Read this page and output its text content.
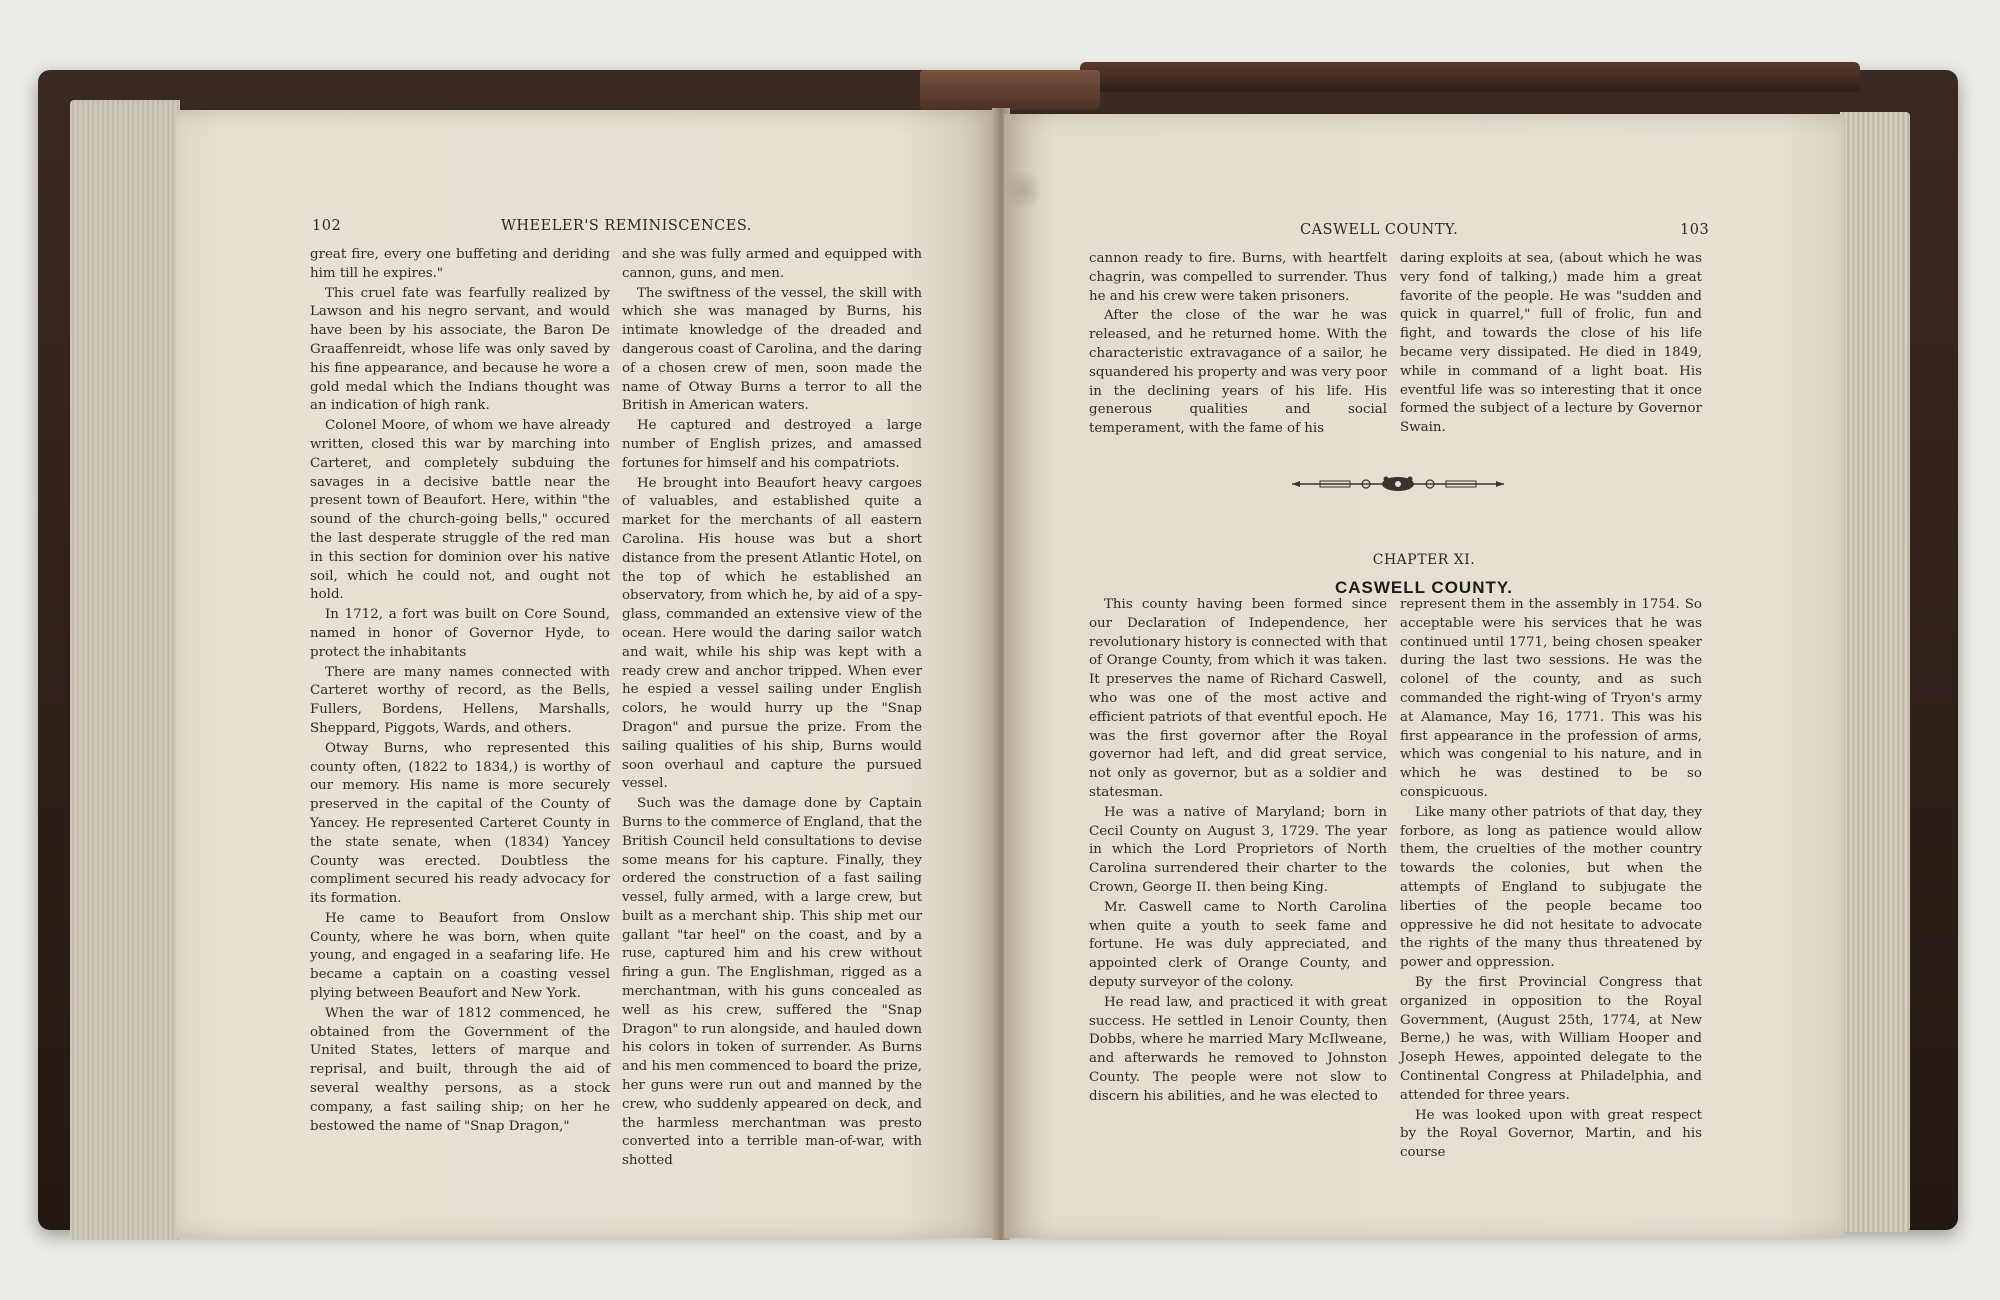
102	WHEELER'S REMINISCENCES.

great fire, every one buffeting and deriding him till he expires."

This cruel fate was fearfully realized by Lawson and his negro servant, and would have been by his associate, the Baron De Graaffenreidt, whose life was only saved by his fine appearance, and because he wore a gold medal which the Indians thought was an indication of high rank.

Colonel Moore, of whom we have already written, closed this war by marching into Carteret, and completely subduing the savages in a decisive battle near the present town of Beaufort. Here, within "the sound of the church-going bells," occured the last desperate struggle of the red man in this section for dominion over his native soil, which he could not, and ought not hold.

In 1712, a fort was built on Core Sound, named in honor of Governor Hyde, to protect the inhabitants

There are many names connected with Carteret worthy of record, as the Bells, Fullers, Bordens, Hellens, Marshalls, Sheppard, Piggots, Wards, and others.

Otway Burns, who represented this county often, (1822 to 1834,) is worthy of our memory. His name is more securely preserved in the capital of the County of Yancey. He represented Carteret County in the state senate, when (1834) Yancey County was erected. Doubtless the compliment secured his ready advocacy for its formation.

He came to Beaufort from Onslow County, where he was born, when quite young, and engaged in a seafaring life. He became a captain on a coasting vessel plying between Beaufort and New York.

When the war of 1812 commenced, he obtained from the Government of the United States, letters of marque and reprisal, and built, through the aid of several wealthy persons, as a stock company, a fast sailing ship; on her he bestowed the name of "Snap Dragon,"

and she was fully armed and equipped with cannon, guns, and men.

The swiftness of the vessel, the skill with which she was managed by Burns, his intimate knowledge of the dreaded and dangerous coast of Carolina, and the daring of a chosen crew of men, soon made the name of Otway Burns a terror to all the British in American waters.

He captured and destroyed a large number of English prizes, and amassed fortunes for himself and his compatriots.

He brought into Beaufort heavy cargoes of valuables, and established quite a market for the merchants of all eastern Carolina. His house was but a short distance from the present Atlantic Hotel, on the top of which he established an observatory, from which he, by aid of a spy-glass, commanded an extensive view of the ocean. Here would the daring sailor watch and wait, while his ship was kept with a ready crew and anchor tripped. When ever he espied a vessel sailing under English colors, he would hurry up the "Snap Dragon" and pursue the prize. From the sailing qualities of his ship, Burns would soon overhaul and capture the pursued vessel.

Such was the damage done by Captain Burns to the commerce of England, that the British Council held consultations to devise some means for his capture. Finally, they ordered the construction of a fast sailing vessel, fully armed, with a large crew, but built as a merchant ship. This ship met our gallant "tar heel" on the coast, and by a ruse, captured him and his crew without firing a gun. The Englishman, rigged as a merchantman, with his guns concealed as well as his crew, suffered the "Snap Dragon" to run alongside, and hauled down his colors in token of surrender. As Burns and his men commenced to board the prize, her guns were run out and manned by the crew, who suddenly appeared on deck, and the harmless merchantman was presto converted into a terrible man-of-war, with shotted

CASWELL COUNTY.	103

cannon ready to fire. Burns, with heartfelt chagrin, was compelled to surrender. Thus he and his crew were taken prisoners.

After the close of the war he was released, and he returned home. With the characteristic extravagance of a sailor, he squandered his property and was very poor in the declining years of his life. His generous qualities and social temperament, with the fame of his

daring exploits at sea, (about which he was very fond of talking,) made him a great favorite of the people. He was "sudden and quick in quarrel," full of frolic, fun and fight, and towards the close of his life became very dissipated. He died in 1849, while in command of a light boat. His eventful life was so interesting that it once formed the subject of a lecture by Governor Swain.

CHAPTER XI.
CASWELL COUNTY.

This county having been formed since our Declaration of Independence, her revolutionary history is connected with that of Orange County, from which it was taken. It preserves the name of Richard Caswell, who was one of the most active and efficient patriots of that eventful epoch. He was the first governor after the Royal governor had left, and did great service, not only as governor, but as a soldier and statesman.

He was a native of Maryland; born in Cecil County on August 3, 1729. The year in which the Lord Proprietors of North Carolina surrendered their charter to the Crown, George II. then being King.

Mr. Caswell came to North Carolina when quite a youth to seek fame and fortune. He was duly appreciated, and appointed clerk of Orange County, and deputy surveyor of the colony.

He read law, and practiced it with great success. He settled in Lenoir County, then Dobbs, where he married Mary McIlweane, and afterwards he removed to Johnston County. The people were not slow to discern his abilities, and he was elected to

represent them in the assembly in 1754. So acceptable were his services that he was continued until 1771, being chosen speaker during the last two sessions. He was the colonel of the county, and as such commanded the right-wing of Tryon's army at Alamance, May 16, 1771. This was his first appearance in the profession of arms, which was congenial to his nature, and in which he was destined to be so conspicuous.

Like many other patriots of that day, they forbore, as long as patience would allow them, the cruelties of the mother country towards the colonies, but when the attempts of England to subjugate the liberties of the people became too oppressive he did not hesitate to advocate the rights of the many thus threatened by power and oppression.

By the first Provincial Congress that organized in opposition to the Royal Government, (August 25th, 1774, at New Berne,) he was, with William Hooper and Joseph Hewes, appointed delegate to the Continental Congress at Philadelphia, and attended for three years.

He was looked upon with great respect by the Royal Governor, Martin, and his course
